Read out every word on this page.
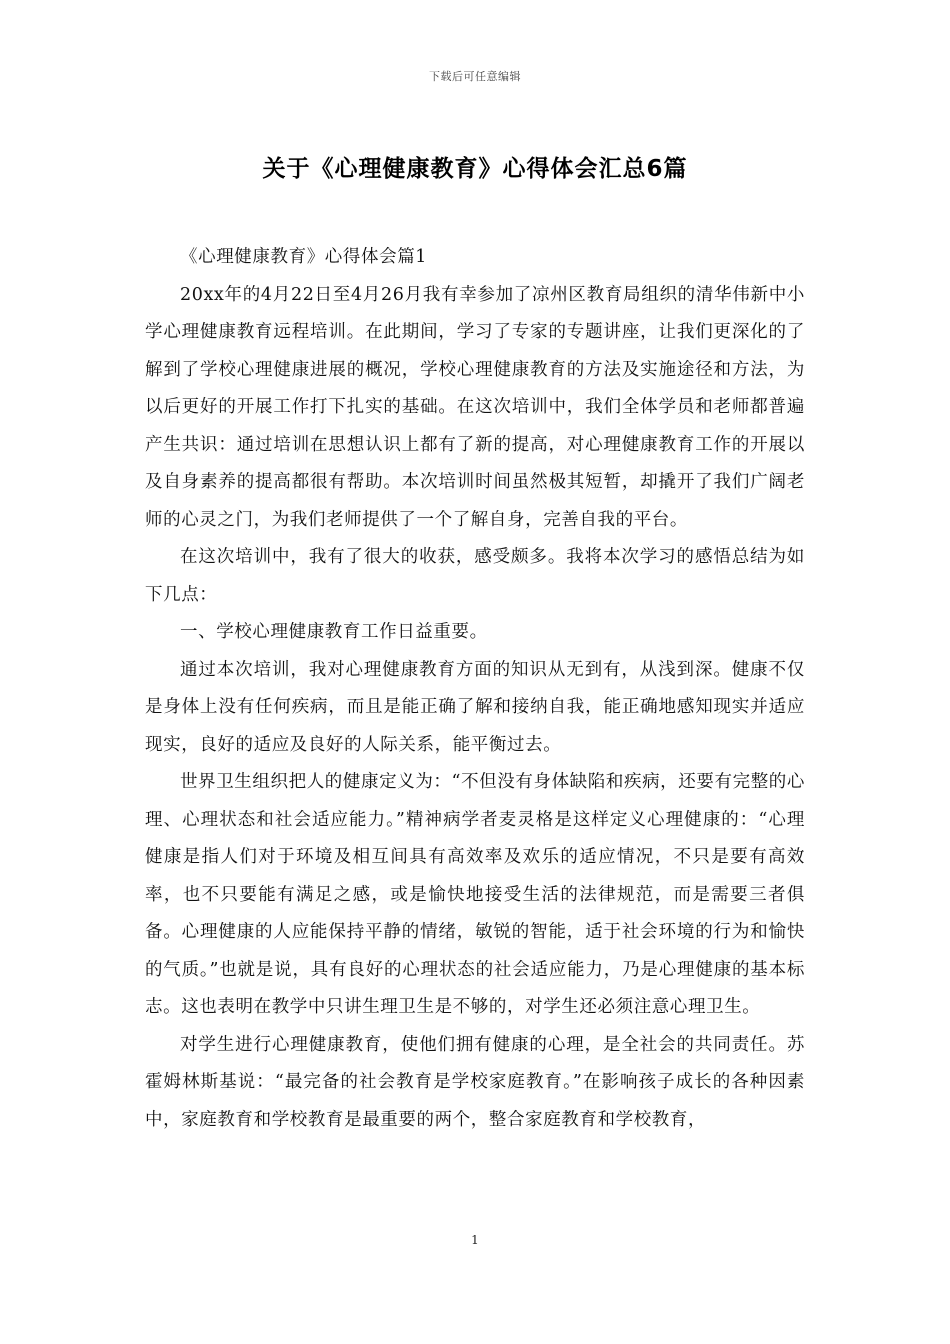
下载后可任意编辑
关于《心理健康教育》心得体会汇总6篇

《心理健康教育》心得体会篇1

20xx年的4月22日至4月26月我有幸参加了凉州区教育局组织的清华伟新中小学心理健康教育远程培训。在此期间，学习了专家的专题讲座，让我们更深化的了解到了学校心理健康进展的概况，学校心理健康教育的方法及实施途径和方法，为以后更好的开展工作打下扎实的基础。在这次培训中，我们全体学员和老师都普遍产生共识：通过培训在思想认识上都有了新的提高，对心理健康教育工作的开展以及自身素养的提高都很有帮助。本次培训时间虽然极其短暂，却撬开了我们广阔老师的心灵之门，为我们老师提供了一个了解自身，完善自我的平台。

在这次培训中，我有了很大的收获，感受颇多。我将本次学习的感悟总结为如下几点：

一、学校心理健康教育工作日益重要。

通过本次培训，我对心理健康教育方面的知识从无到有，从浅到深。健康不仅是身体上没有任何疾病，而且是能正确了解和接纳自我，能正确地感知现实并适应现实，良好的适应及良好的人际关系，能平衡过去。

世界卫生组织把人的健康定义为：“不但没有身体缺陷和疾病，还要有完整的心理、心理状态和社会适应能力。”精神病学者麦灵格是这样定义心理健康的：“心理健康是指人们对于环境及相互间具有高效率及欢乐的适应情况，不只是要有高效率，也不只要能有满足之感，或是愉快地接受生活的法律规范，而是需要三者俱备。心理健康的人应能保持平静的情绪，敏锐的智能，适于社会环境的行为和愉快的气质。”也就是说，具有良好的心理状态的社会适应能力，乃是心理健康的基本标志。这也表明在教学中只讲生理卫生是不够的，对学生还必须注意心理卫生。

对学生进行心理健康教育，使他们拥有健康的心理，是全社会的共同责任。苏霍姆林斯基说：“最完备的社会教育是学校家庭教育。”在影响孩子成长的各种因素中，家庭教育和学校教育是最重要的两个，整合家庭教育和学校教育，

1
